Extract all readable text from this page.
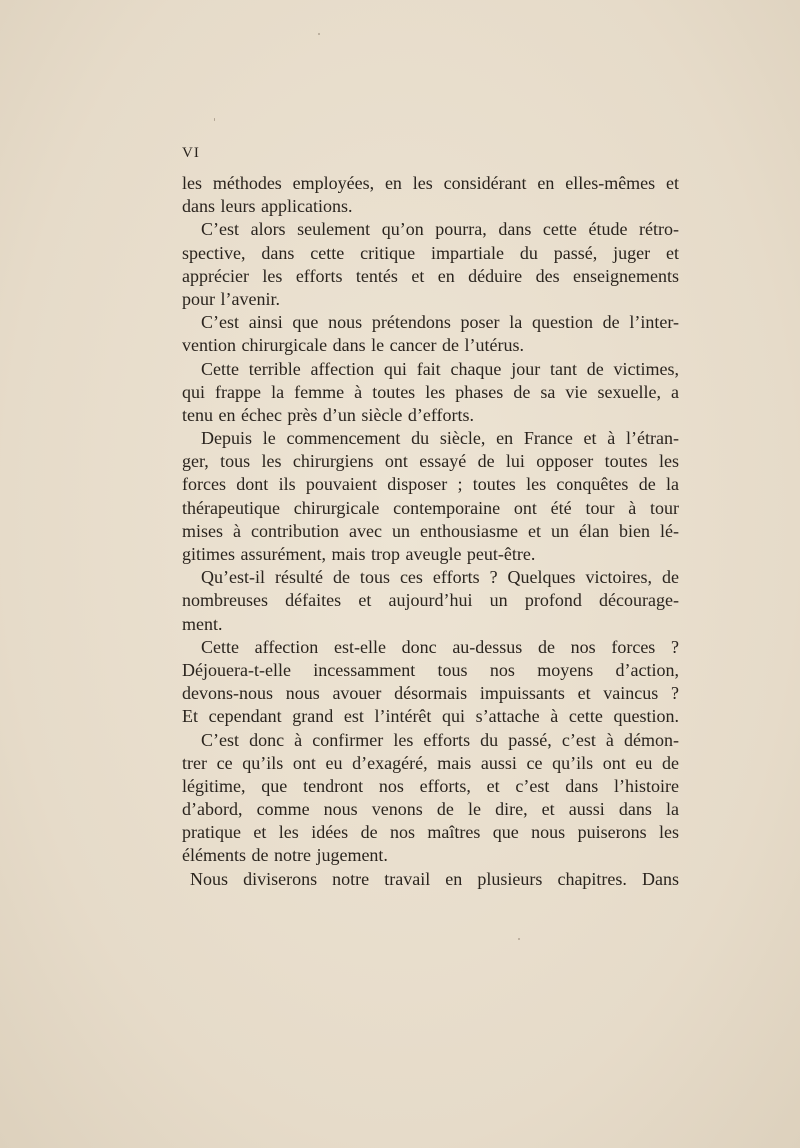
VI
les méthodes employées, en les considérant en elles-mêmes et
dans leurs applications.
C’est alors seulement qu’on pourra, dans cette étude rétro-
spective, dans cette critique impartiale du passé, juger et
apprécier les efforts tentés et en déduire des enseignements
pour l’avenir.
C’est ainsi que nous prétendons poser la question de l’inter-
vention chirurgicale dans le cancer de l’utérus.
Cette terrible affection qui fait chaque jour tant de victimes,
qui frappe la femme à toutes les phases de sa vie sexuelle, a
tenu en échec près d’un siècle d’efforts.
Depuis le commencement du siècle, en France et à l’étran-
ger, tous les chirurgiens ont essayé de lui opposer toutes les
forces dont ils pouvaient disposer ; toutes les conquêtes de la
thérapeutique chirurgicale contemporaine ont été tour à tour
mises à contribution avec un enthousiasme et un élan bien lé-
gitimes assurément, mais trop aveugle peut-être.
Qu’est-il résulté de tous ces efforts ? Quelques victoires, de
nombreuses défaites et aujourd’hui un profond décourage-
ment.
Cette affection est-elle donc au-dessus de nos forces ?
Déjouera-t-elle incessamment tous nos moyens d’action,
devons-nous nous avouer désormais impuissants et vaincus ?
Et cependant grand est l’intérêt qui s’attache à cette question.
C’est donc à confirmer les efforts du passé, c’est à démon-
trer ce qu’ils ont eu d’exagéré, mais aussi ce qu’ils ont eu de
légitime, que tendront nos efforts, et c’est dans l’histoire
d’abord, comme nous venons de le dire, et aussi dans la
pratique et les idées de nos maîtres que nous puiserons les
éléments de notre jugement.
Nous diviserons notre travail en plusieurs chapitres. Dans
